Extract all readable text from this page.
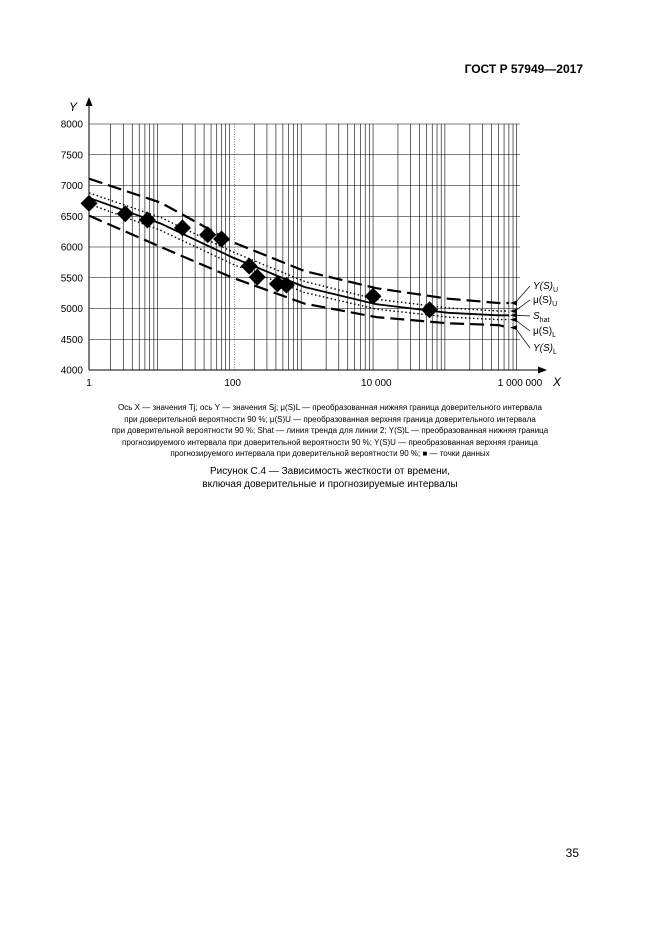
ГОСТ Р 57949—2017
4000
4500
5000
5500
6000
6500
7000
7500
8000
1	100	10 000	1 000 000
Y
X
$Y(S)_U$
$\mu(S)_U$
$S_{hat}$
$\mu(S)_L$
$Y(S)_L$
Ось X — значения Tj; ось Y — значения Sj; μ(S)L — преобразованная нижняя граница доверительного интервала
при доверительной вероятности 90 %; μ(S)U — преобразованная верхняя граница доверительного интервала
при доверительной вероятности 90 %; Shat — линия тренда для линии 2; Y(S)L — преобразованная нижняя граница
прогнозируемого интервала при доверительной вероятности 90 %; Y(S)U — преобразованная верхняя граница
прогнозируемого интервала при доверительной вероятности 90 %; ■ — точки данных
Рисунок С.4 — Зависимость жесткости от времени,
включая доверительные и прогнозируемые интервалы
35
